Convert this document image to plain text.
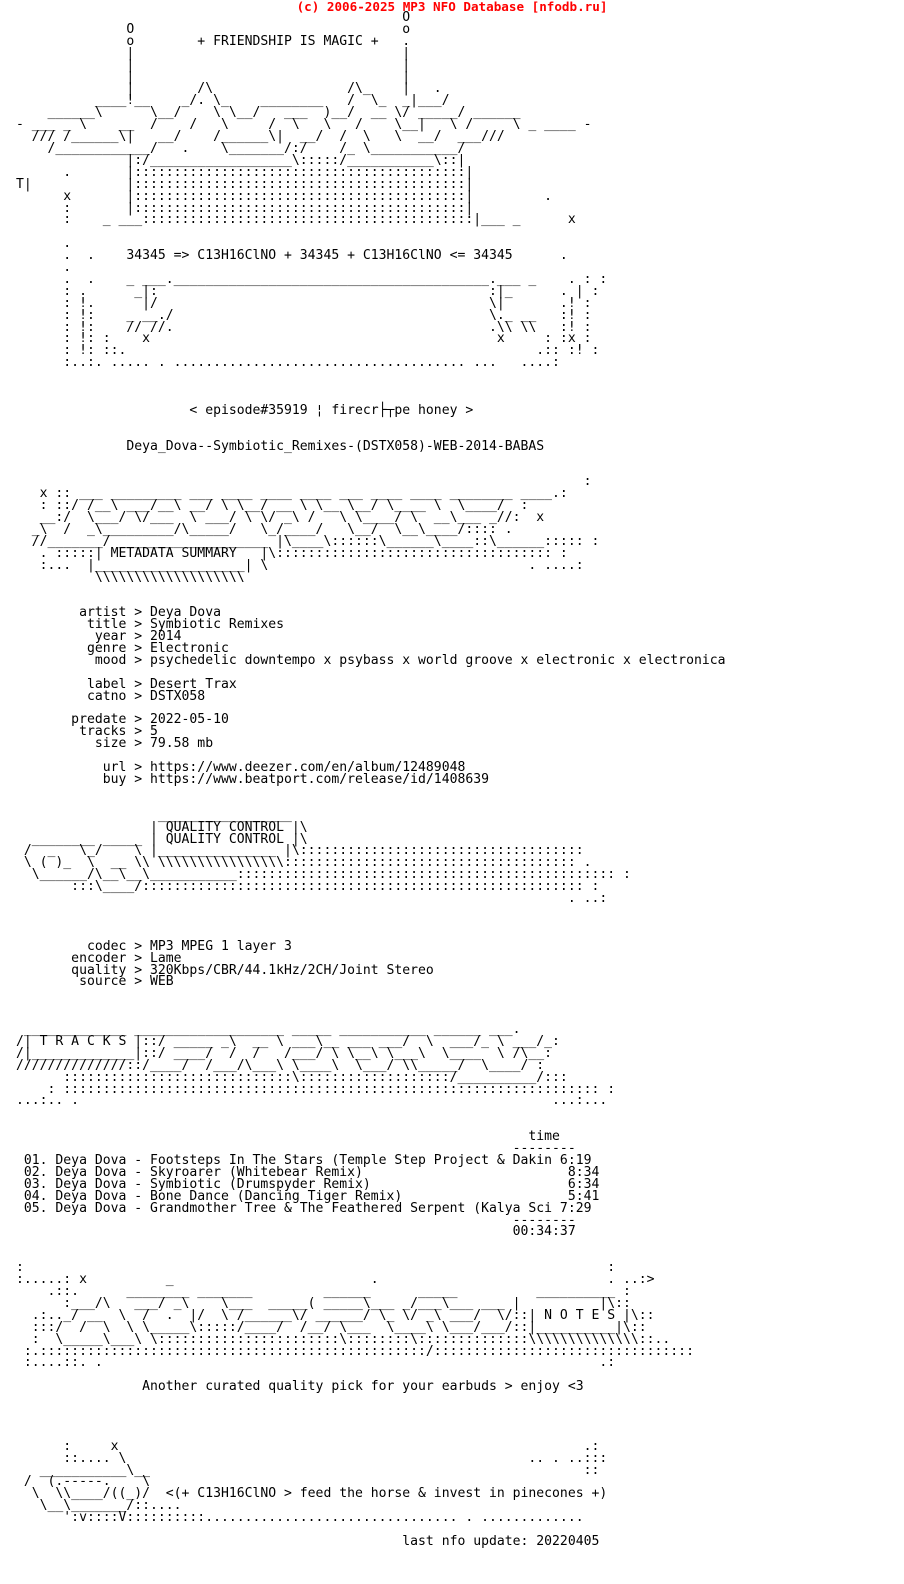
(c) 2006-2025 MP3 NFO Database [nfodb.ru]
O
O                                  o
o        + FRIENDSHIP IS MAGIC +   .
|                                  |
|                                  |
|                                  |
|        /\                 /\_    |   .
____!__    _/. \_    ________   /  \_  _|___/
______\      \__/    \ \__/   ___  )__/  __ \/ _____/ ______
- ___ _ \    __  /    /   \     /  \   \   /    \__|   \ /     \ _ ____ -
/// /______\|   __/    /______\|  __/  /  \   \  __/  ___///
/____________/   .    \_______/:/    /_ \___________/
|:/__________________\:::::/___________\::|
.       |::::::::::::::::::::::::::::::::::::::::::|
T|            |::::::::::::::::::::::::::::::::::::::::::|
x       |::::::::::::::::::::::::::::::::::::::::::|         .
:       |::::::::::::::::::::::::::::::::::::::::::|
:    _ ___::::::::::::::::::::::::::::::::::::::::::|___ _      x

.
.  .    34345 => C13H16ClNO + 34345 + C13H16ClNO <= 34345      .
.
.  .    _ ___.________________________________________.___ _    . : :
: .      _|:                                          :|_      . | :
: !.      |/                                          \|       .! :
: !:    _ __./                                        \._ __   :! :
: !:    // //.                                        .\\ \\   :! :
: !: :    x                                            x     : :x :
: !: ::.                                                    .:: :! :
:..:. ..... . ..................................... ...   ....:

< episode#35919 ¦ firecr├┬pe honey >

Deya_Dova--Symbiotic_Remixes-(DSTX058)-WEB-2014-BABAS

:
x :: ___ _________ ___ ____ ____ ____ ___ ____ ____ ________ ____.:
: ::/ /__\ ___/__\ __/ \ \__/ __ \ \__ \__/ \____ \  \____/  :
__:/  \___/ \/___  \ ___/ \ \/ _\ /   \ \____/ \  __\___ _//:  x
_\  /  _\_________/\_____/   \_/____/   \__/  \__\____/:::: .
//_______/ ___________________ |\____\::::::\______\____::\______::::: :
. :::::| METADATA SUMMARY   |\::::::::::::::::::::::::::::::::::: :
:...  |___________________| \                                 . ....:
\\\\\\\\\\\\\\\\\\\

artist > Deya Dova
title > Symbiotic Remixes
year > 2014
genre > Electronic
mood > psychedelic downtempo x psybass x world groove x electronic x electronica

label > Desert Trax
catno > DSTX058

predate > 2022-05-10
tracks > 5
size > 79.58 mb

url > https://www.deezer.com/en/album/12489048
buy > https://www.beatport.com/release/id/1408639

_________________
| QUALITY CONTROL |\
________ _____ | QUALITY CONTROL |\
/  _   \_/    \ |_______________ |\::::::::::::::::::::::::::::::::::::
\ ( )_  \  __ \\ \\\\\\\\\\\\\\\\::::::::::::::::::::::::::::::::::::: .
\______/\__\__\___________:::::::::::::::::::::::::::::::::::::::::::::::: :
:::\____/:::::::::::::::::::::::::::::::::::::::::::::::::::::::: :
. ..:

codec > MP3 MPEG 1 layer 3
encoder > Lame
quality > 320Kbps/CBR/44.1kHz/2CH/Joint Stereo
source > WEB

_____________ ___________________ _____ ___________ ______ ___.
/| T R A C K S |::/ _____ _\  __ \ ___\__ ___ ___/  \  ___/_ \ ___/_:
/|_____________|::/ ____/  /  /   /___/ \ \__\ \___\  \____  \ /\__:
//////////////::/____/  /___/\___\ \____\  \___/ \\_____/  \____/ :
:::::::::::::::::::::::::::::\:::::::::::::::::::/__________/:::
: :::::::::::::::::::::::::::::::::::::::::::::::::::::::::::::::::::: :
...:.. .                                                            ...:...

time
--------
01. Deya Dova - Footsteps In The Stars (Temple Step Project & Dakin 6:19
02. Deya Dova - Skyroarer (Whitebear Remix)                          8:34
03. Deya Dova - Symbiotic (Drumspyder Remix)                         6:34
04. Deya Dova - Bone Dance (Dancing Tiger Remix)                     5:41
05. Deya Dova - Grandmother Tree & The Feathered Serpent (Kalya Sci 7:29
--------
00:34:37

:                                                                          :
:.....: x          _                         .                             . ..:>
.::.      ________ _______         ______      _____          __________ :
:___/\   ___/ _\    \___  _____( _____\___ _/___\___ ___ |          |\::
.:.._/ __  \  /  .  |/  \ /______\/ ______/ \_ \/ _\ ___/  \/::| N O T E S |\::
:::/  /  \  \ \_____\:::::/____/  /__/ \___  \____\ \___/___/::|__________|\::
:  \_____\___\ \:::::::::::::::::::::::\::::::::\::::::::::::::\\\\\\\\\\\\\\::..
:.:::::::::::::::::::::::::::::::::::::::::::::::::/:::::::::::::::::::::::::::::::::
:....::. .                                                               .:

Another curated quality pick for your earbuds > enjoy <3

:     x                                                           .:
::.... \                                                   .. . ..:::
___________\__                                                       ::
/  (.-----.    \
\  \\____/((_)/  <(+ C13H16ClNO > feed the horse & invest in pinecones +)
\__\_______/::....
':v::::V::::::::::................................ . .............

last nfo update: 20220405
